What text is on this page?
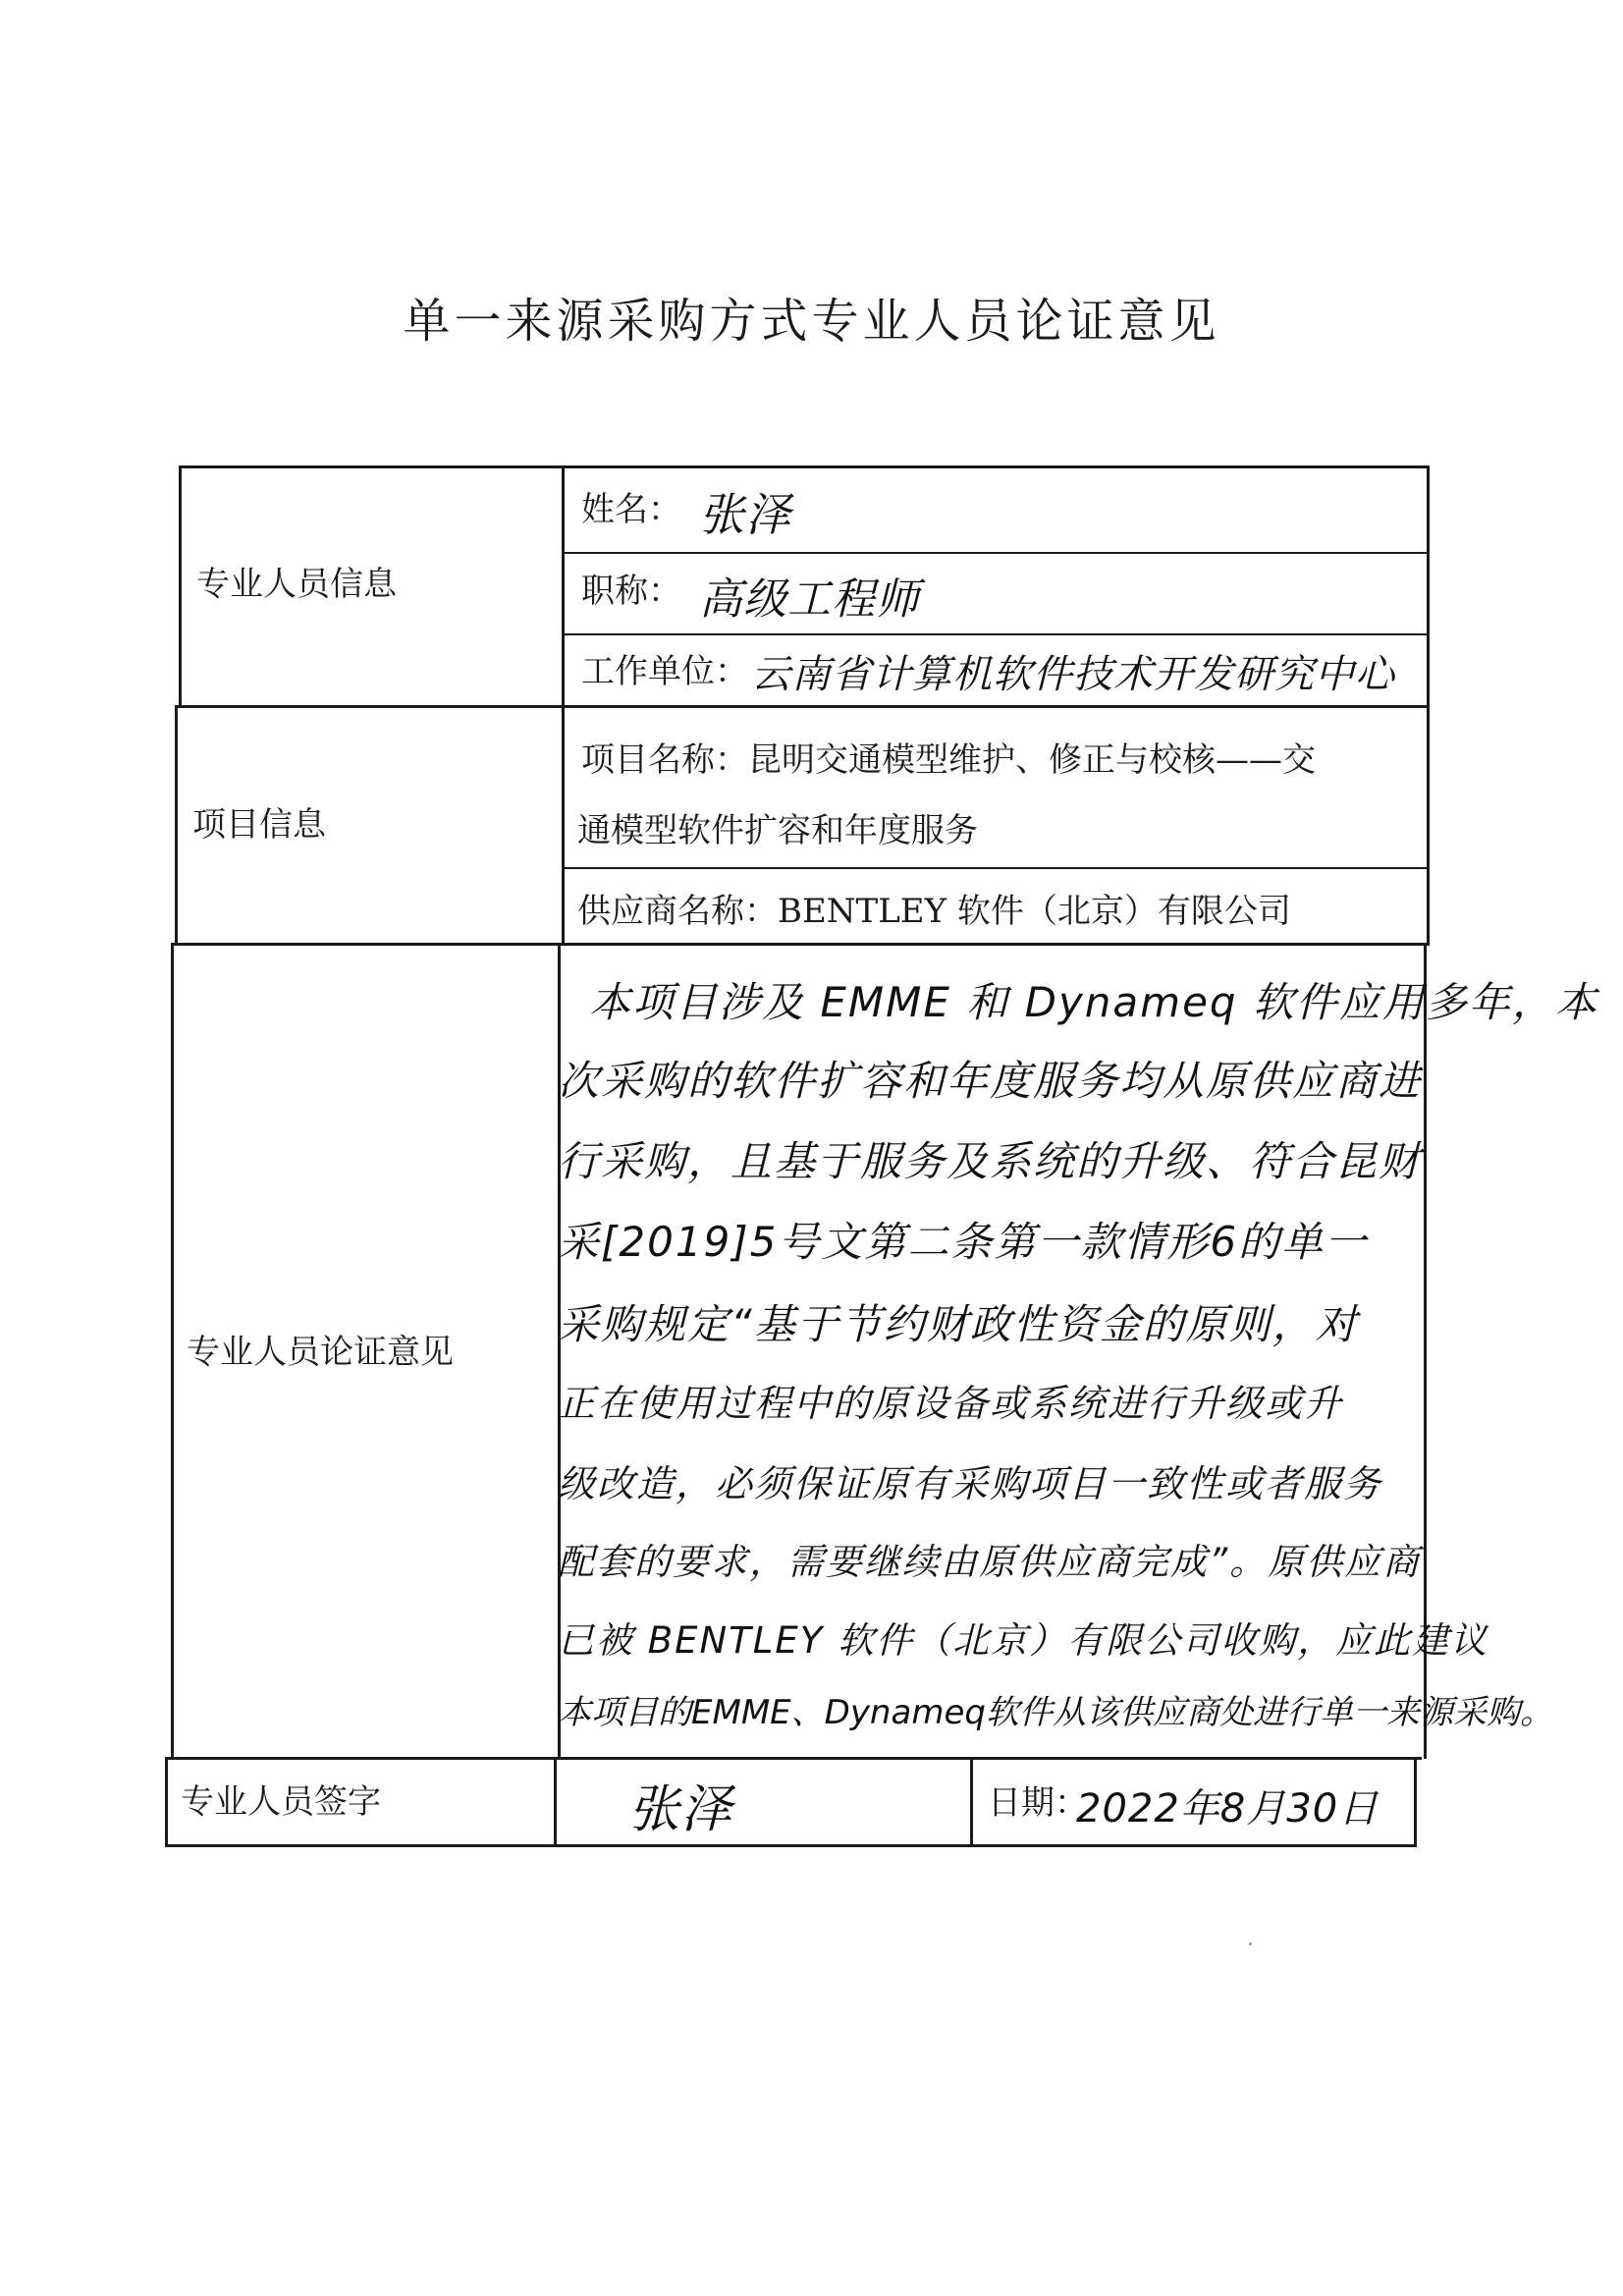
单一来源采购方式专业人员论证意见
专业人员信息
姓名： 张泽
职称： 高级工程师
工作单位： 云南省计算机软件技术开发研究中心
项目信息
项目名称：昆明交通模型维护、修正与校核——交
通模型软件扩容和年度服务
供应商名称：BENTLEY 软件（北京）有限公司
专业人员论证意见
本项目涉及 EMME 和 Dynameq 软件应用多年，本
次采购的软件扩容和年度服务均从原供应商进
行采购，且基于服务及系统的升级、符合昆财
采[2019]5号文第二条第一款情形6的单一
采购规定“基于节约财政性资金的原则，对
正在使用过程中的原设备或系统进行升级或升
级改造，必须保证原有采购项目一致性或者服务
配套的要求，需要继续由原供应商完成”。原供应商
已被 BENTLEY 软件（北京）有限公司收购，应此建议
本项目的EMME、Dynameq软件从该供应商处进行单一来源采购。
专业人员签字	张泽	日期：
2022年8月30日
